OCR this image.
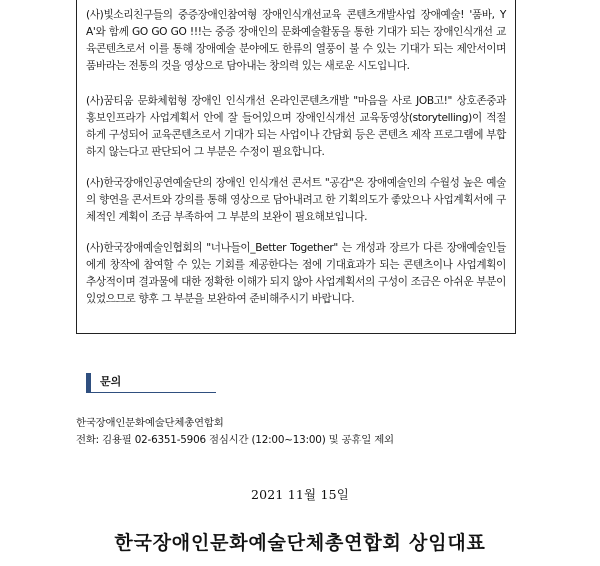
(사)빛소리친구들의 중증장애인참여형 장애인식개선교육 콘텐츠개발사업 장애예술! '품바, YA'와 함께 GO GO GO !!!는 중증 장애인의 문화예술활동을 통한 기대가 되는 장애인식개선 교육콘텐츠로서 이를 통해 장애예술 분야에도 한류의 열풍이 불 수 있는 기대가 되는 제안서이며 품바라는 전통의 것을 영상으로 담아내는 창의력 있는 새로운 시도입니다.

(사)꿈티움 문화체험형 장애인 인식개선 온라인콘텐츠개발 "마음을 사로 JOB고!" 상호존중과 홍보인프라가 사업계획서 안에 잘 들어있으며 장애인식개선 교육동영상(storytelling)이 적절하게 구성되어 교육콘텐츠로서 기대가 되는 사업이나 간담회 등은 콘텐츠 제작 프로그램에 부합하지 않는다고 판단되어 그 부분은 수정이 필요합니다.

(사)한국장애인공연예술단의 장애인 인식개선 콘서트 "공감"은 장애예술인의 수월성 높은 예술의 향연을 콘서트와 강의를 통해 영상으로 담아내려고 한 기획의도가 좋았으나 사업계획서에 구체적인 계획이 조금 부족하여 그 부분의 보완이 필요해보입니다.

(사)한국장애예술인협회의 "너나들이_Better Together" 는 개성과 장르가 다른 장애예술인들에게 창작에 참여할 수 있는 기회를 제공한다는 점에 기대효과가 되는 콘텐츠이나 사업계획이 추상적이며 결과물에 대한 정확한 이해가 되지 않아 사업계획서의 구성이 조금은 아쉬운 부분이 있었으므로 향후 그 부분을 보완하여 준비해주시기 바랍니다.

문의
한국장애인문화예술단체총연합회
전화: 김용필 02-6351-5906 점심시간 (12:00~13:00) 및 공휴일 제외
2021 11월 15일
한국장애인문화예술단체총연합회 상임대표
